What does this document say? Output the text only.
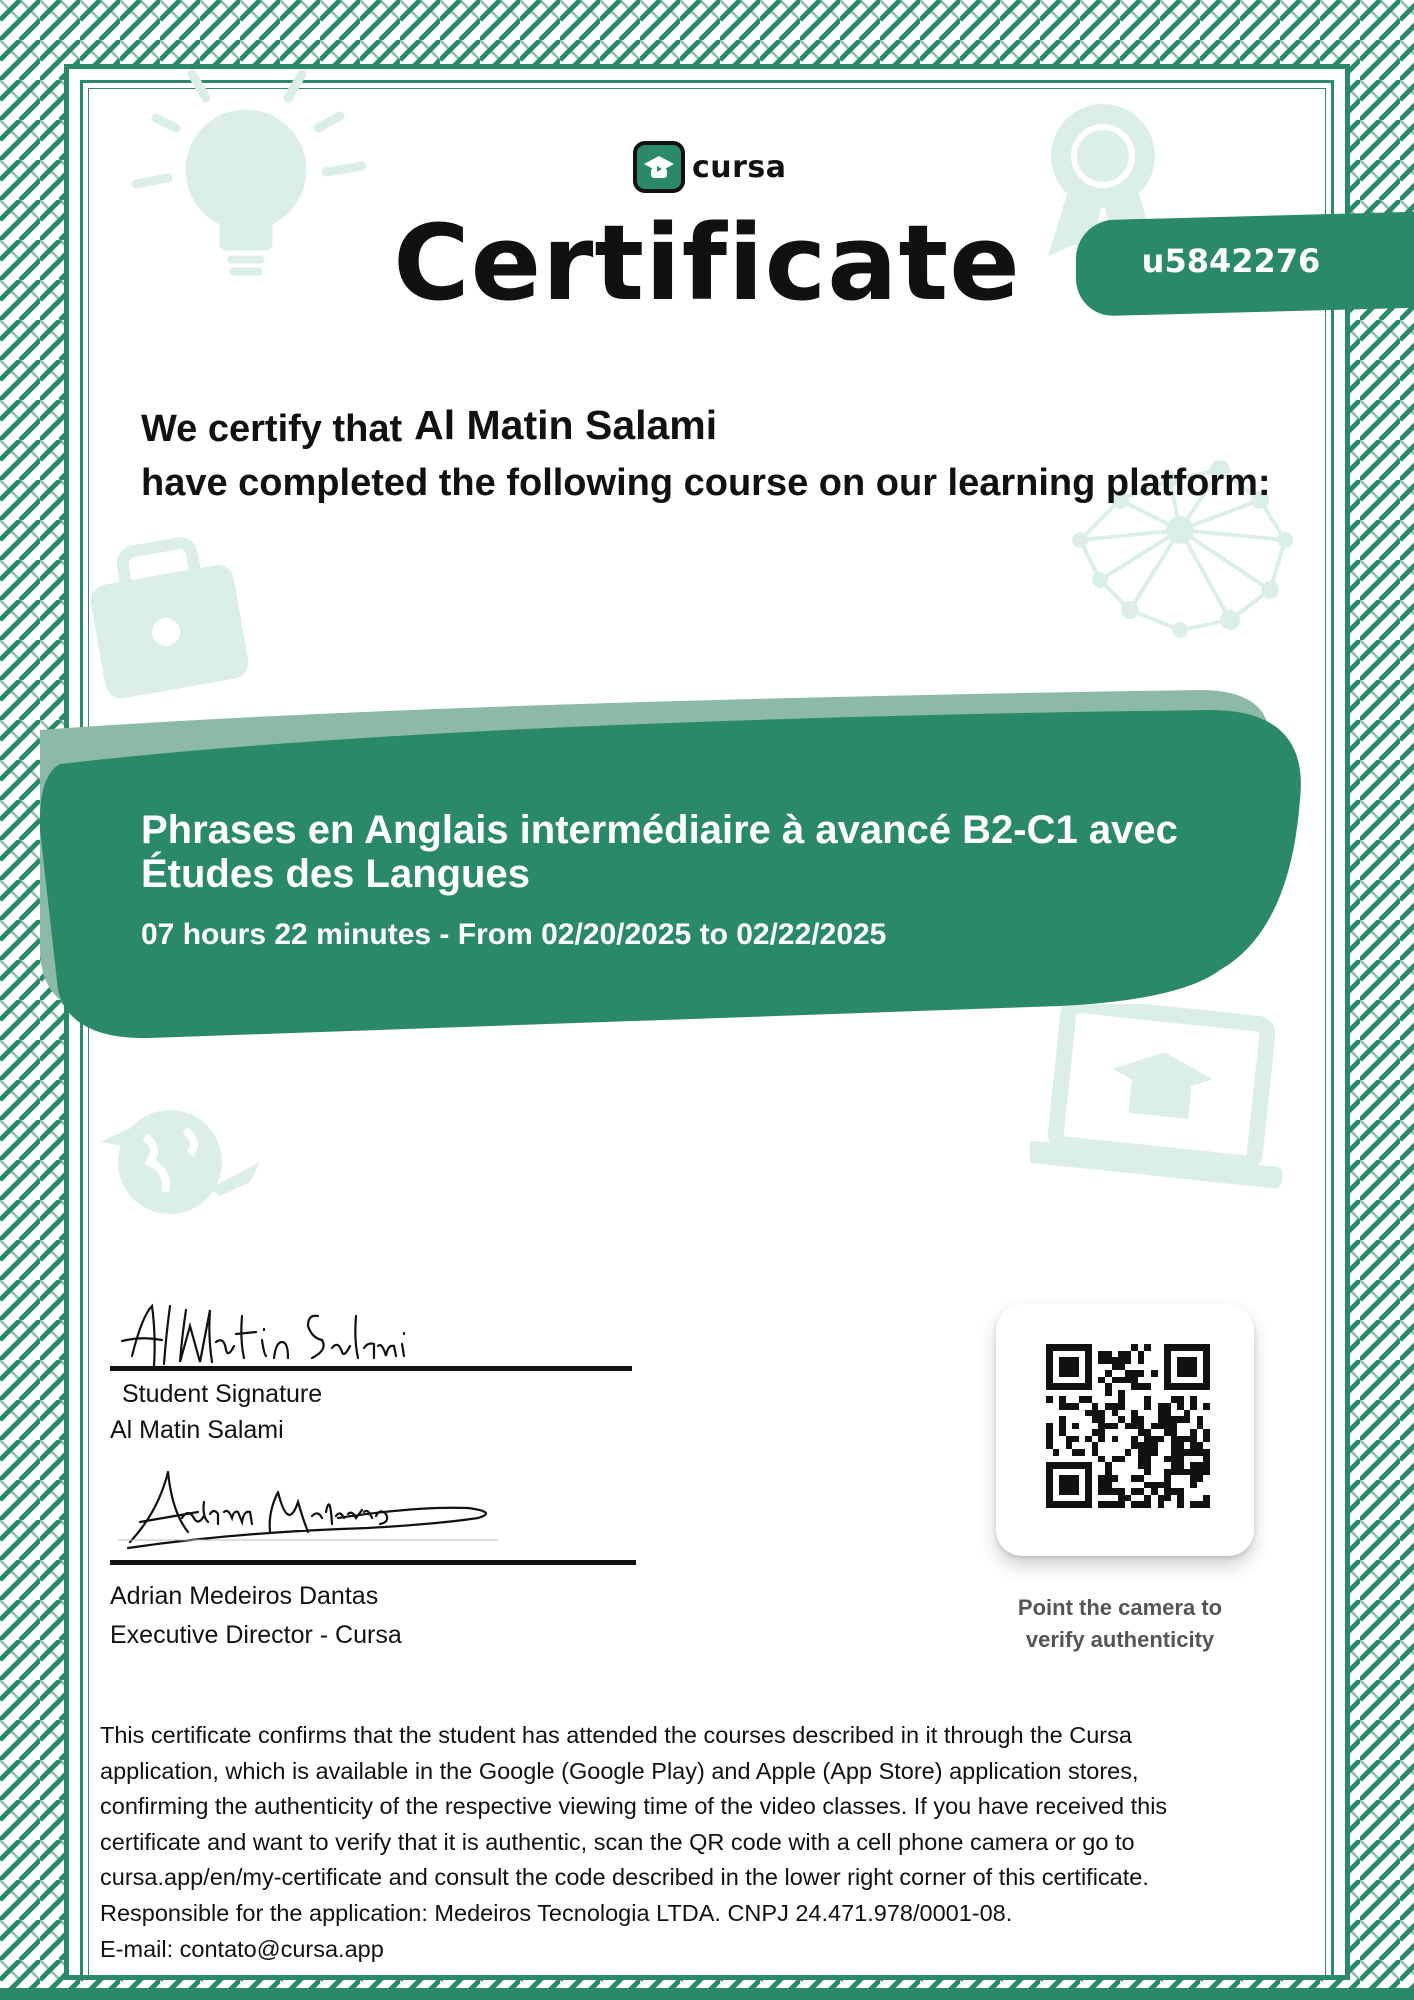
cursa
Certificate	u5842276
We certify that Al Matin Salami
have completed the following course on our learning platform:
Phrases en Anglais intermédiaire à avancé B2-C1 avec Études des Langues
07 hours 22 minutes - From 02/20/2025 to 02/22/2025
Student Signature
Al Matin Salami
Adrian Medeiros Dantas
Executive Director - Cursa
Point the camera to
verify authenticity

This certificate confirms that the student has attended the courses described in it through the Cursa

application, which is available in the Google (Google Play) and Apple (App Store) application stores,

confirming the authenticity of the respective viewing time of the video classes. If you have received this

certificate and want to verify that it is authentic, scan the QR code with a cell phone camera or go to

cursa.app/en/my-certificate and consult the code described in the lower right corner of this certificate.

Responsible for the application: Medeiros Tecnologia LTDA. CNPJ 24.471.978/0001-08.

E-mail: contato@cursa.app
